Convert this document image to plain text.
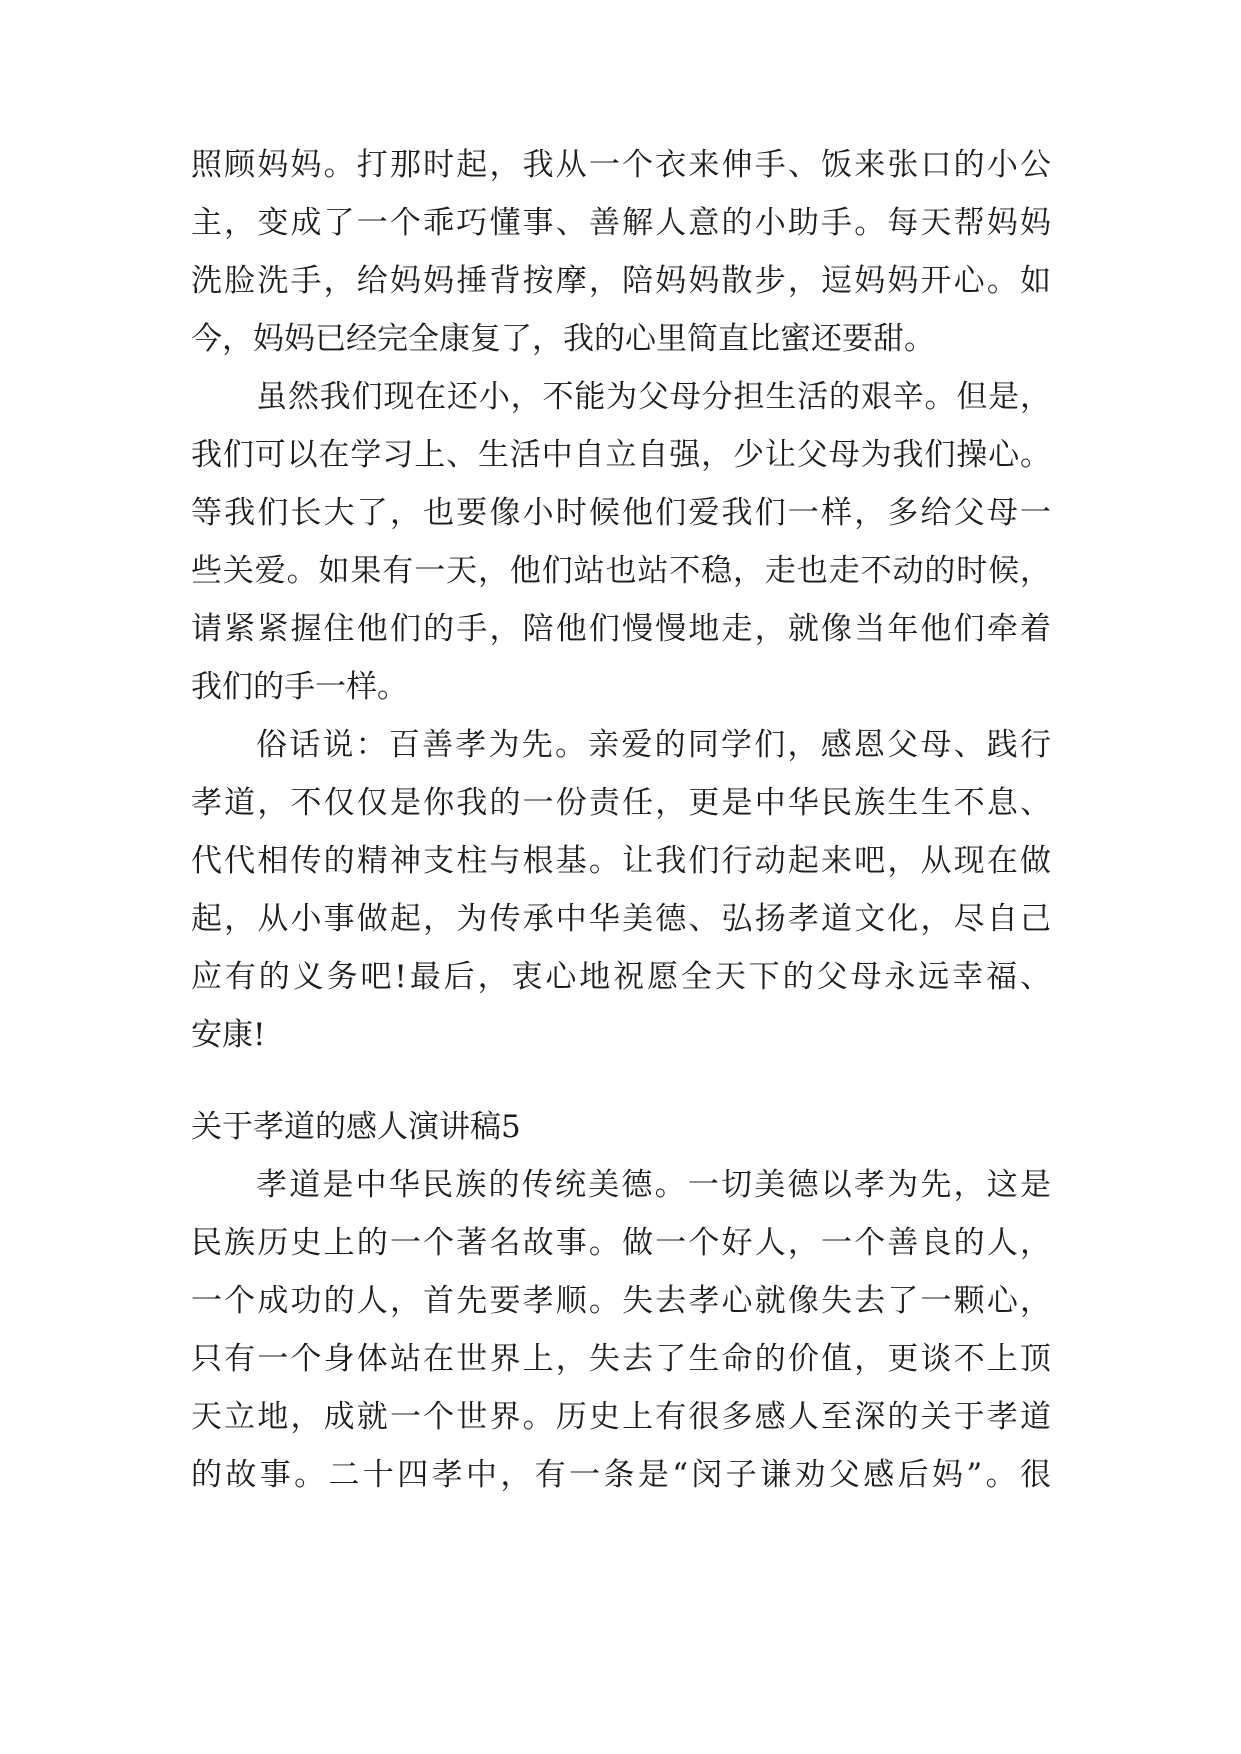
照顾妈妈。打那时起，我从一个衣来伸手、饭来张口的小公
主，变成了一个乖巧懂事、善解人意的小助手。每天帮妈妈
洗脸洗手，给妈妈捶背按摩，陪妈妈散步，逗妈妈开心。如
今，妈妈已经完全康复了，我的心里简直比蜜还要甜。
虽然我们现在还小，不能为父母分担生活的艰辛。但是，
我们可以在学习上、生活中自立自强，少让父母为我们操心。
等我们长大了，也要像小时候他们爱我们一样，多给父母一
些关爱。如果有一天，他们站也站不稳，走也走不动的时候，
请紧紧握住他们的手，陪他们慢慢地走，就像当年他们牵着
我们的手一样。
俗话说：百善孝为先。亲爱的同学们，感恩父母、践行
孝道，不仅仅是你我的一份责任，更是中华民族生生不息、
代代相传的精神支柱与根基。让我们行动起来吧，从现在做
起，从小事做起，为传承中华美德、弘扬孝道文化，尽自己
应有的义务吧!最后，衷心地祝愿全天下的父母永远幸福、
安康!
关于孝道的感人演讲稿5
孝道是中华民族的传统美德。一切美德以孝为先，这是
民族历史上的一个著名故事。做一个好人，一个善良的人，
一个成功的人，首先要孝顺。失去孝心就像失去了一颗心，
只有一个身体站在世界上，失去了生命的价值，更谈不上顶
天立地，成就一个世界。历史上有很多感人至深的关于孝道
的故事。二十四孝中，有一条是“闵子谦劝父感后妈”。很
